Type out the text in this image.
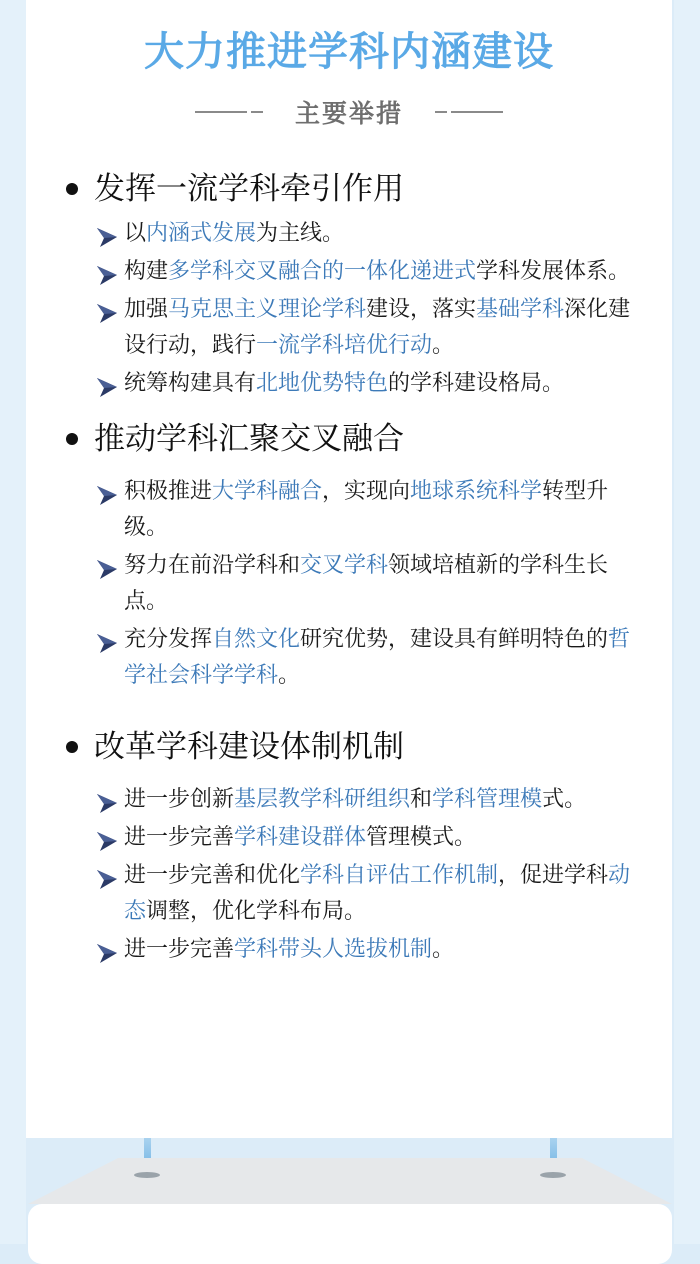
大力推进学科内涵建设
主要举措
发挥一流学科牵引作用
以内涵式发展为主线。
构建多学科交叉融合的一体化递进式学科发展体系。
加强马克思主义理论学科建设，落实基础学科深化建设行动，践行一流学科培优行动。
统筹构建具有北地优势特色的学科建设格局。
推动学科汇聚交叉融合
积极推进大学科融合，实现向地球系统科学转型升级。
努力在前沿学科和交叉学科领域培植新的学科生长点。
充分发挥自然文化研究优势，建设具有鲜明特色的哲学社会科学学科。
改革学科建设体制机制
进一步创新基层教学科研组织和学科管理模式。
进一步完善学科建设群体管理模式。
进一步完善和优化学科自评估工作机制，促进学科动态调整，优化学科布局。
进一步完善学科带头人选拔机制。
